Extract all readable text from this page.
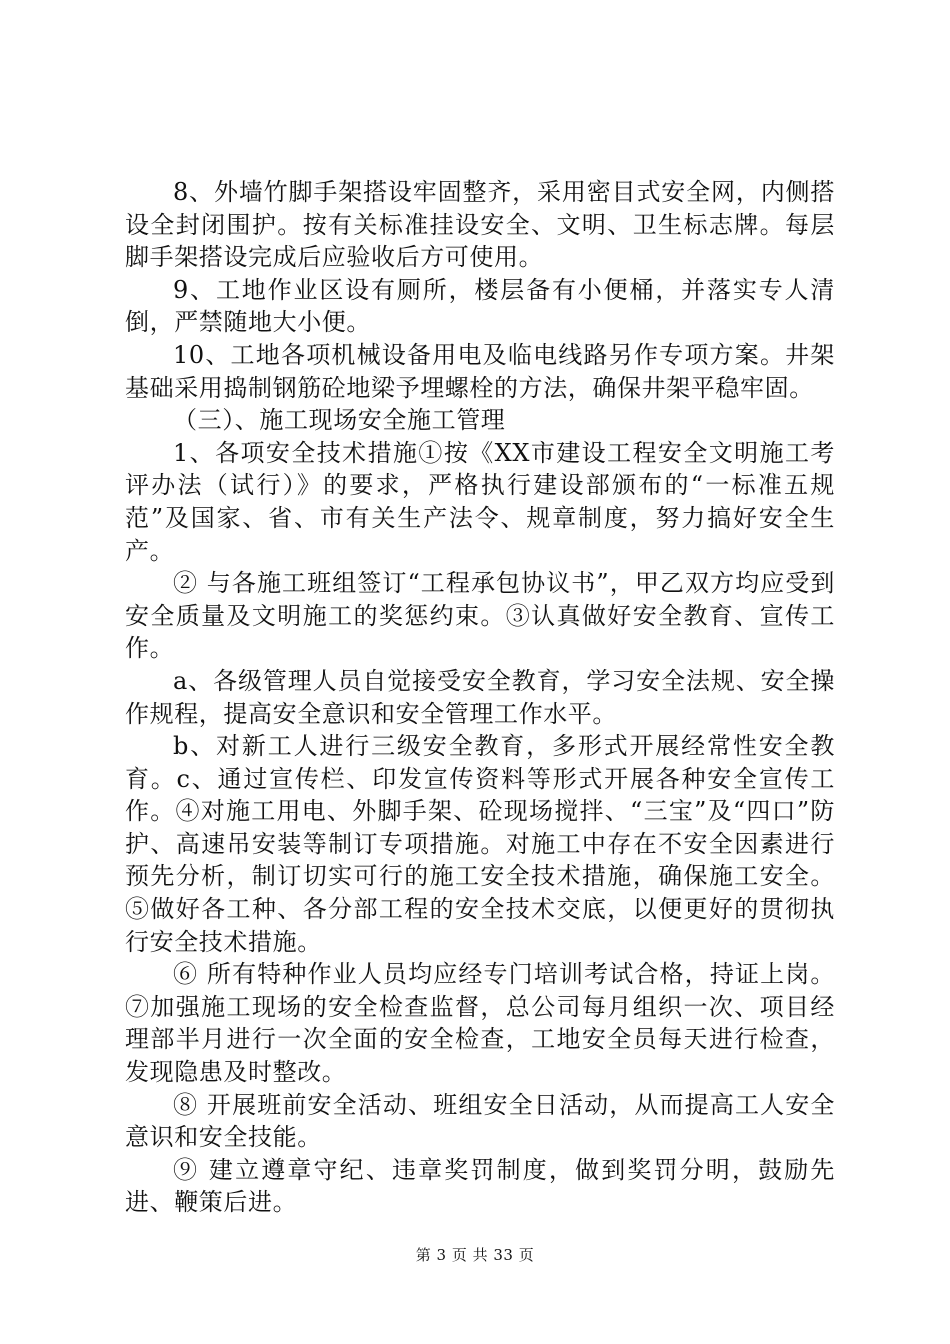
8、外墙竹脚手架搭设牢固整齐，采用密目式安全网，内侧搭设全封闭围护。按有关标准挂设安全、文明、卫生标志牌。每层脚手架搭设完成后应验收后方可使用。

9、工地作业区设有厕所，楼层备有小便桶，并落实专人清倒，严禁随地大小便。

10、工地各项机械设备用电及临电线路另作专项方案。井架基础采用捣制钢筋砼地梁予埋螺栓的方法，确保井架平稳牢固。

（三）、施工现场安全施工管理

1、各项安全技术措施①按《XX市建设工程安全文明施工考评办法（试行）》的要求，严格执行建设部颁布的“一标准五规范”及国家、省、市有关生产法令、规章制度，努力搞好安全生产。

② 与各施工班组签订“工程承包协议书”，甲乙双方均应受到安全质量及文明施工的奖惩约束。③认真做好安全教育、宣传工作。

a、各级管理人员自觉接受安全教育，学习安全法规、安全操作规程，提高安全意识和安全管理工作水平。

b、对新工人进行三级安全教育，多形式开展经常性安全教育。c、通过宣传栏、印发宣传资料等形式开展各种安全宣传工作。④对施工用电、外脚手架、砼现场搅拌、“三宝”及“四口”防护、高速吊安装等制订专项措施。对施工中存在不安全因素进行预先分析，制订切实可行的施工安全技术措施，确保施工安全。⑤做好各工种、各分部工程的安全技术交底，以便更好的贯彻执行安全技术措施。

⑥ 所有特种作业人员均应经专门培训考试合格，持证上岗。⑦加强施工现场的安全检查监督，总公司每月组织一次、项目经理部半月进行一次全面的安全检查，工地安全员每天进行检查，发现隐患及时整改。

⑧ 开展班前安全活动、班组安全日活动，从而提高工人安全意识和安全技能。

⑨ 建立遵章守纪、违章奖罚制度，做到奖罚分明，鼓励先进、鞭策后进。

第 3 页 共 33 页
